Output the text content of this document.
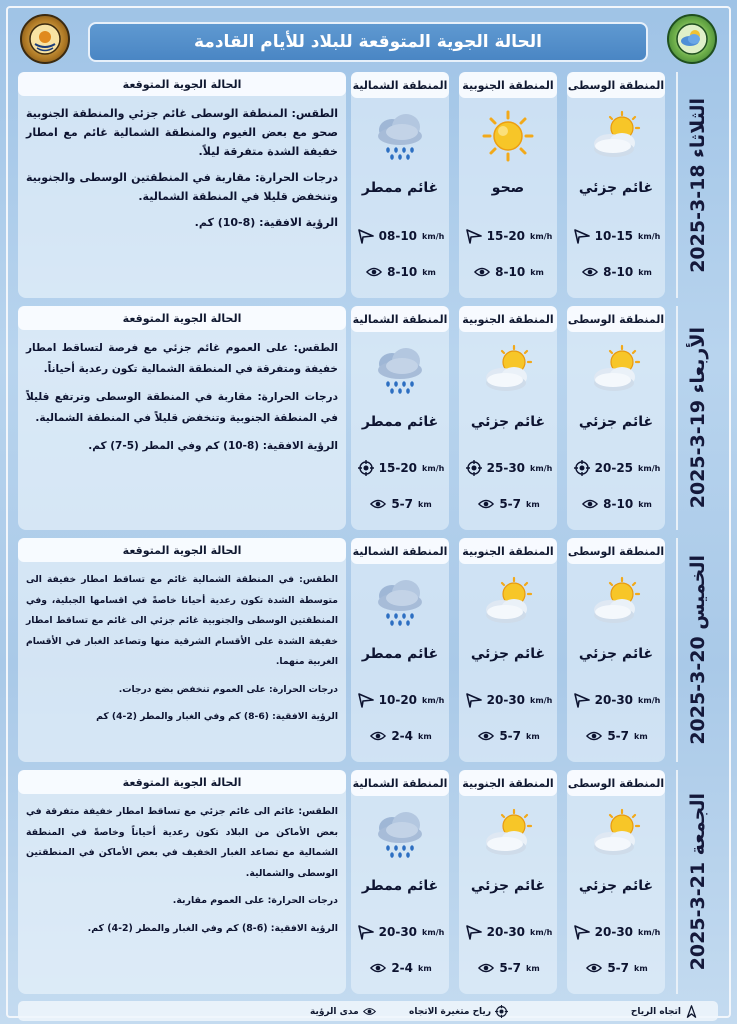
الحالة الجوية المتوقعة للبلاد للأيام القادمة
الثلاثاء 18-3-2025
المنطقة الوسطى
غائم جزئي
10-15 km/h
8-10 km
المنطقة الجنوبية
صحو
15-20 km/h
8-10 km
المنطقة الشمالية
غائم ممطر
08-10 km/h
8-10 km
الحالة الجوية المتوقعة

الطقس: المنطقة الوسطى غائم جزئي والمنطقة الجنوبية صحو مع بعض الغيوم والمنطقة الشمالية غائم مع امطار خفيفة الشدة متفرقة ليلاً.

درجات الحرارة: مقاربة في المنطقتين الوسطى والجنوبية وتنخفض قليلا في المنطقة الشمالية.

الرؤية الافقية: (8-10) كم.

الأربعاء 19-3-2025
المنطقة الوسطى
غائم جزئي
20-25 km/h
8-10 km
المنطقة الجنوبية
غائم جزئي
25-30 km/h
5-7 km
المنطقة الشمالية
غائم ممطر
15-20 km/h
5-7 km
الحالة الجوية المتوقعة

الطقس: على العموم غائم جزئي مع فرصة لتساقط امطار خفيفة ومتفرقة في المنطقة الشمالية تكون رعدية أحياناً.

درجات الحرارة: مقاربة في المنطقة الوسطى وترتفع قليلاً في المنطقة الجنوبية وتنخفض قليلاً في المنطقة الشمالية.

الرؤية الافقية: (8-10) كم وفي المطر (5-7) كم.

الخميس 20-3-2025
المنطقة الوسطى
غائم جزئي
20-30 km/h
5-7 km
المنطقة الجنوبية
غائم جزئي
20-30 km/h
5-7 km
المنطقة الشمالية
غائم ممطر
10-20 km/h
2-4 km
الحالة الجوية المتوقعة

الطقس: في المنطقة الشمالية غائم مع تساقط امطار خفيفة الى متوسطة الشدة تكون رعدية أحيانا خاصةً في اقسامها الجبلية، وفي المنطقتين الوسطى والجنوبية غائم جزئي الى غائم مع تساقط امطار خفيفة الشدة على الأقسام الشرقية منها وتصاعد الغبار في الأقسام الغربية منهما.

درجات الحرارة: على العموم تنخفض بضع درجات.

الرؤية الافقية: (6-8) كم وفي الغبار والمطر (2-4) كم

الجمعة 21-3-2025
المنطقة الوسطى
غائم جزئي
20-30 km/h
5-7 km
المنطقة الجنوبية
غائم جزئي
20-30 km/h
5-7 km
المنطقة الشمالية
غائم ممطر
20-30 km/h
2-4 km
الحالة الجوية المتوقعة

الطقس: غائم الى غائم جزئي مع تساقط امطار خفيفة متفرقة في بعض الأماكن من البلاد تكون رعدية أحياناً وخاصةً في المنطقة الشمالية مع تصاعد الغبار الخفيف في بعض الأماكن في المنطقتين الوسطى والشمالية.

درجات الحرارة: على العموم مقاربة.

الرؤية الافقية: (6-8) كم وفي الغبار والمطر (2-4) كم.

اتجاه الرياح
رياح متغيرة الاتجاه
مدى الرؤية
